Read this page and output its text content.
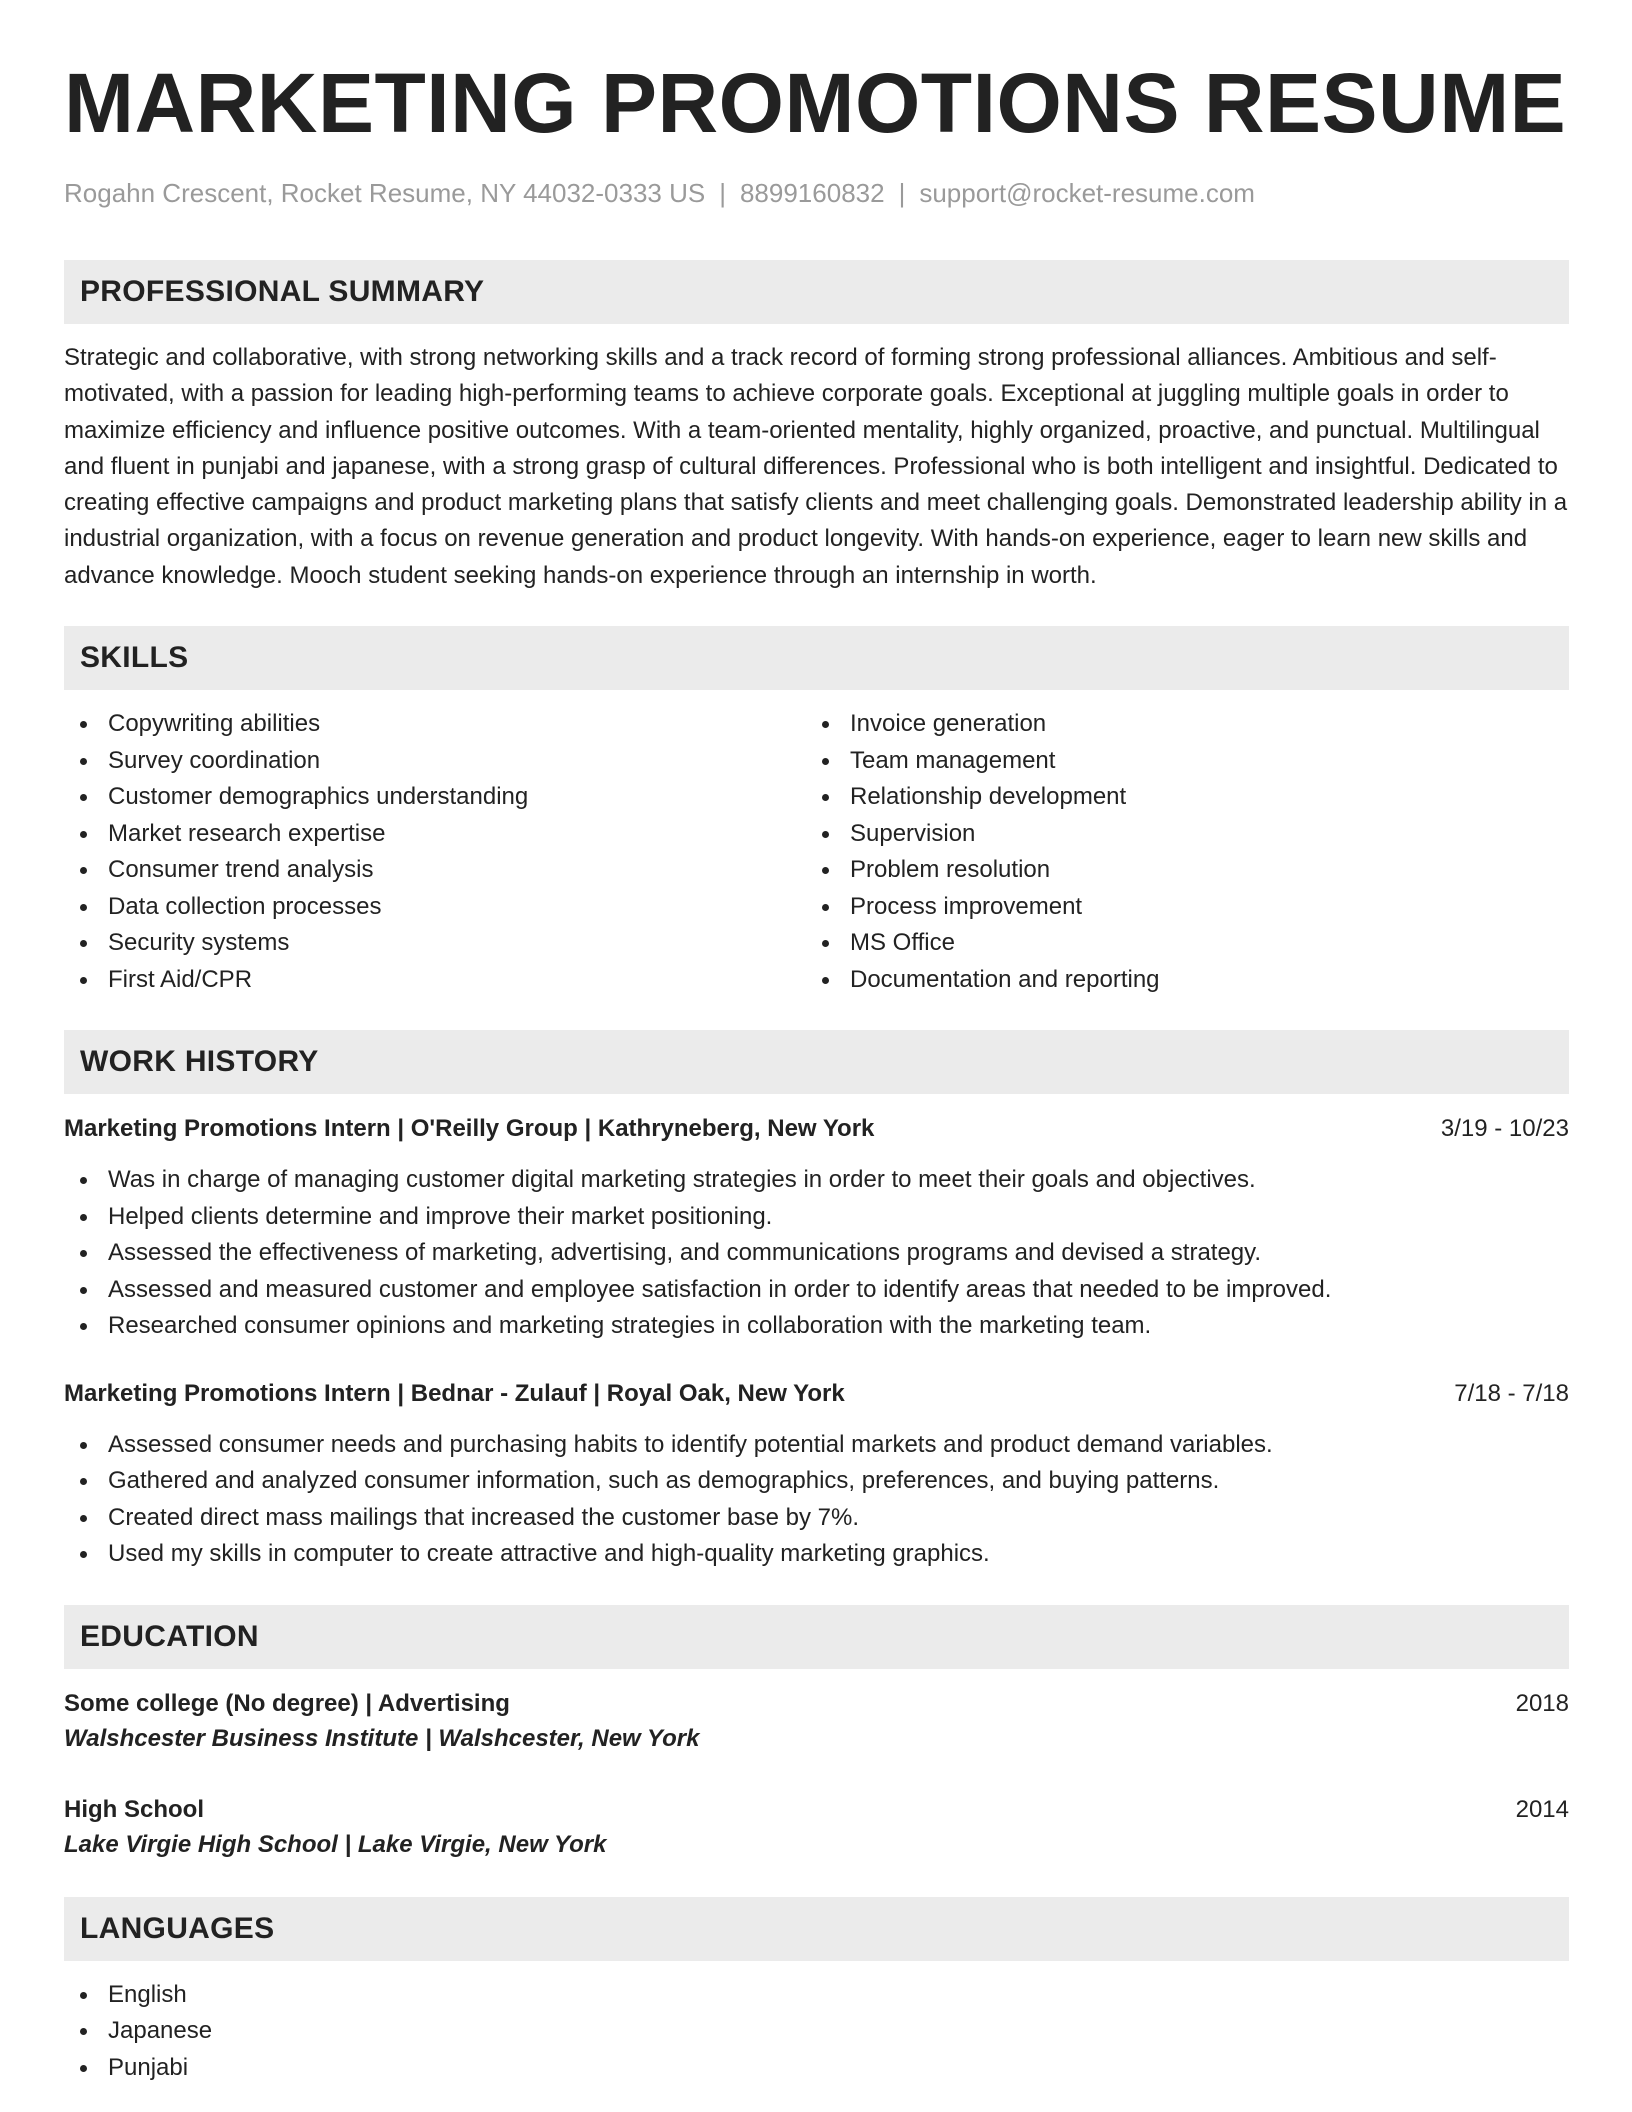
MARKETING PROMOTIONS RESUME
Rogahn Crescent, Rocket Resume, NY 44032-0333 US | 8899160832 | support@rocket-resume.com
PROFESSIONAL SUMMARY

Strategic and collaborative, with strong networking skills and a track record of forming strong professional alliances. Ambitious and self-motivated, with a passion for leading high-performing teams to achieve corporate goals. Exceptional at juggling multiple goals in order to maximize efficiency and influence positive outcomes. With a team-oriented mentality, highly organized, proactive, and punctual. Multilingual and fluent in punjabi and japanese, with a strong grasp of cultural differences. Professional who is both intelligent and insightful. Dedicated to creating effective campaigns and product marketing plans that satisfy clients and meet challenging goals. Demonstrated leadership ability in a industrial organization, with a focus on revenue generation and product longevity. With hands-on experience, eager to learn new skills and advance knowledge. Mooch student seeking hands-on experience through an internship in worth.

SKILLS
Copywriting abilities
Survey coordination
Customer demographics understanding
Market research expertise
Consumer trend analysis
Data collection processes
Security systems
First Aid/CPR
Invoice generation
Team management
Relationship development
Supervision
Problem resolution
Process improvement
MS Office
Documentation and reporting
WORK HISTORY
Marketing Promotions Intern | O'Reilly Group | Kathryneberg, New York	3/19 - 10/23
Was in charge of managing customer digital marketing strategies in order to meet their goals and objectives.
Helped clients determine and improve their market positioning.
Assessed the effectiveness of marketing, advertising, and communications programs and devised a strategy.
Assessed and measured customer and employee satisfaction in order to identify areas that needed to be improved.
Researched consumer opinions and marketing strategies in collaboration with the marketing team.
Marketing Promotions Intern | Bednar - Zulauf | Royal Oak, New York	7/18 - 7/18
Assessed consumer needs and purchasing habits to identify potential markets and product demand variables.
Gathered and analyzed consumer information, such as demographics, preferences, and buying patterns.
Created direct mass mailings that increased the customer base by 7%.
Used my skills in computer to create attractive and high-quality marketing graphics.
EDUCATION
Some college (No degree) | Advertising	2018
Walshcester Business Institute | Walshcester, New York
High School	2014
Lake Virgie High School | Lake Virgie, New York
LANGUAGES
English
Japanese
Punjabi
